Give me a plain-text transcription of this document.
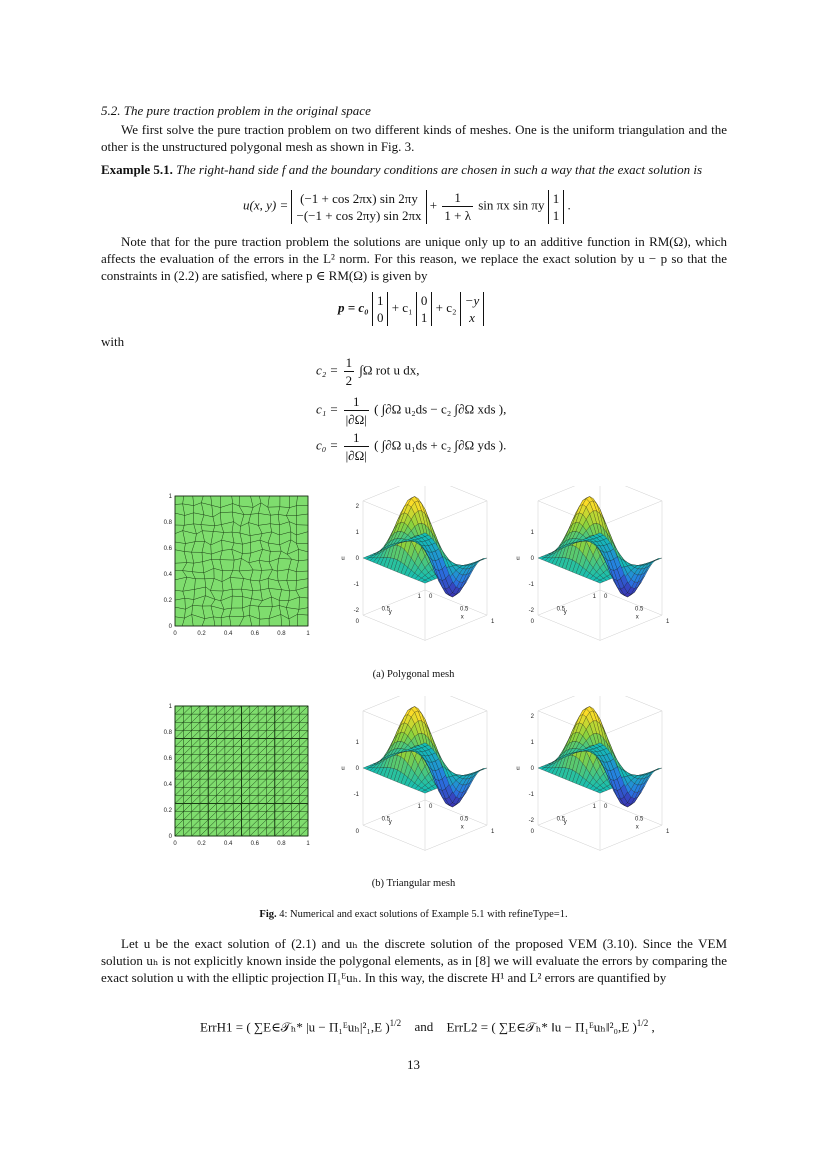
5.2. The pure traction problem in the original space
We first solve the pure traction problem on two different kinds of meshes. One is the uniform triangulation and the other is the unstructured polygonal mesh as shown in Fig. 3.
Example 5.1. The right-hand side f and the boundary conditions are chosen in such a way that the exact solution is
u(x, y) = (−1 + cos 2πx) sin 2πy
−(−1 + cos 2πy) sin 2πx
+ $\frac{1}{1 + \lambda}$ sin πx sin πy 1
1
.
Note that for the pure traction problem the solutions are unique only up to an additive function in RM(Ω), which affects the evaluation of the errors in the L² norm. For this reason, we replace the exact solution by u − p so that the constraints in (2.2) are satisfied, where p ∈ RM(Ω) is given by
p = c₀ 1
0
+ c₁ 0
1
+ c₂ −y
x
with
$c_2 = \frac{1}{2} \int\Omega$ rot u dx,
$c_1 = \frac{1}{|\partial\Omega|}$ ( ∫∂Ω u₂ds − c₂ ∫∂Ω xds ),
$c_0 = \frac{1}{|\partial\Omega|}$ ( ∫∂Ω u₁ds + c₂ ∫∂Ω yds ).
0
0
0.2
0.2
0.4
0.4
0.6
0.6
0.8
0.8
1
1
2
1
0
-1
-2
u
0
0
0.5
0.5
1
1
x
y
1
0
-1
-2
u
0
0
0.5
0.5
1
1
x
y
(a) Polygonal mesh
0
0
0.2
0.2
0.4
0.4
0.6
0.6
0.8
0.8
1
1
1
0
-1
u
0
0
0.5
0.5
1
1
x
y
2
1
0
-1
-2
u
0
0
0.5
0.5
1
1
x
y
(b) Triangular mesh
Fig. 4: Numerical and exact solutions of Example 5.1 with refineType=1.
Let u be the exact solution of (2.1) and uₕ the discrete solution of the proposed VEM (3.10). Since the VEM solution uₕ is not explicitly known inside the polygonal elements, as in [8] we will evaluate the errors by comparing the exact solution u with the elliptic projection Π₁ᴱuₕ. In this way, the discrete H¹ and L² errors are quantified by
ErrH1 = ( ∑E∈𝒯ₕ* |u − Π₁ᴱuₕ|²₁,E )$^{1/2}$ and ErrL2 = ( ∑E∈𝒯ₕ* ‖u − Π₁ᴱuₕ‖²₀,E )$^{1/2}$ ,
13
